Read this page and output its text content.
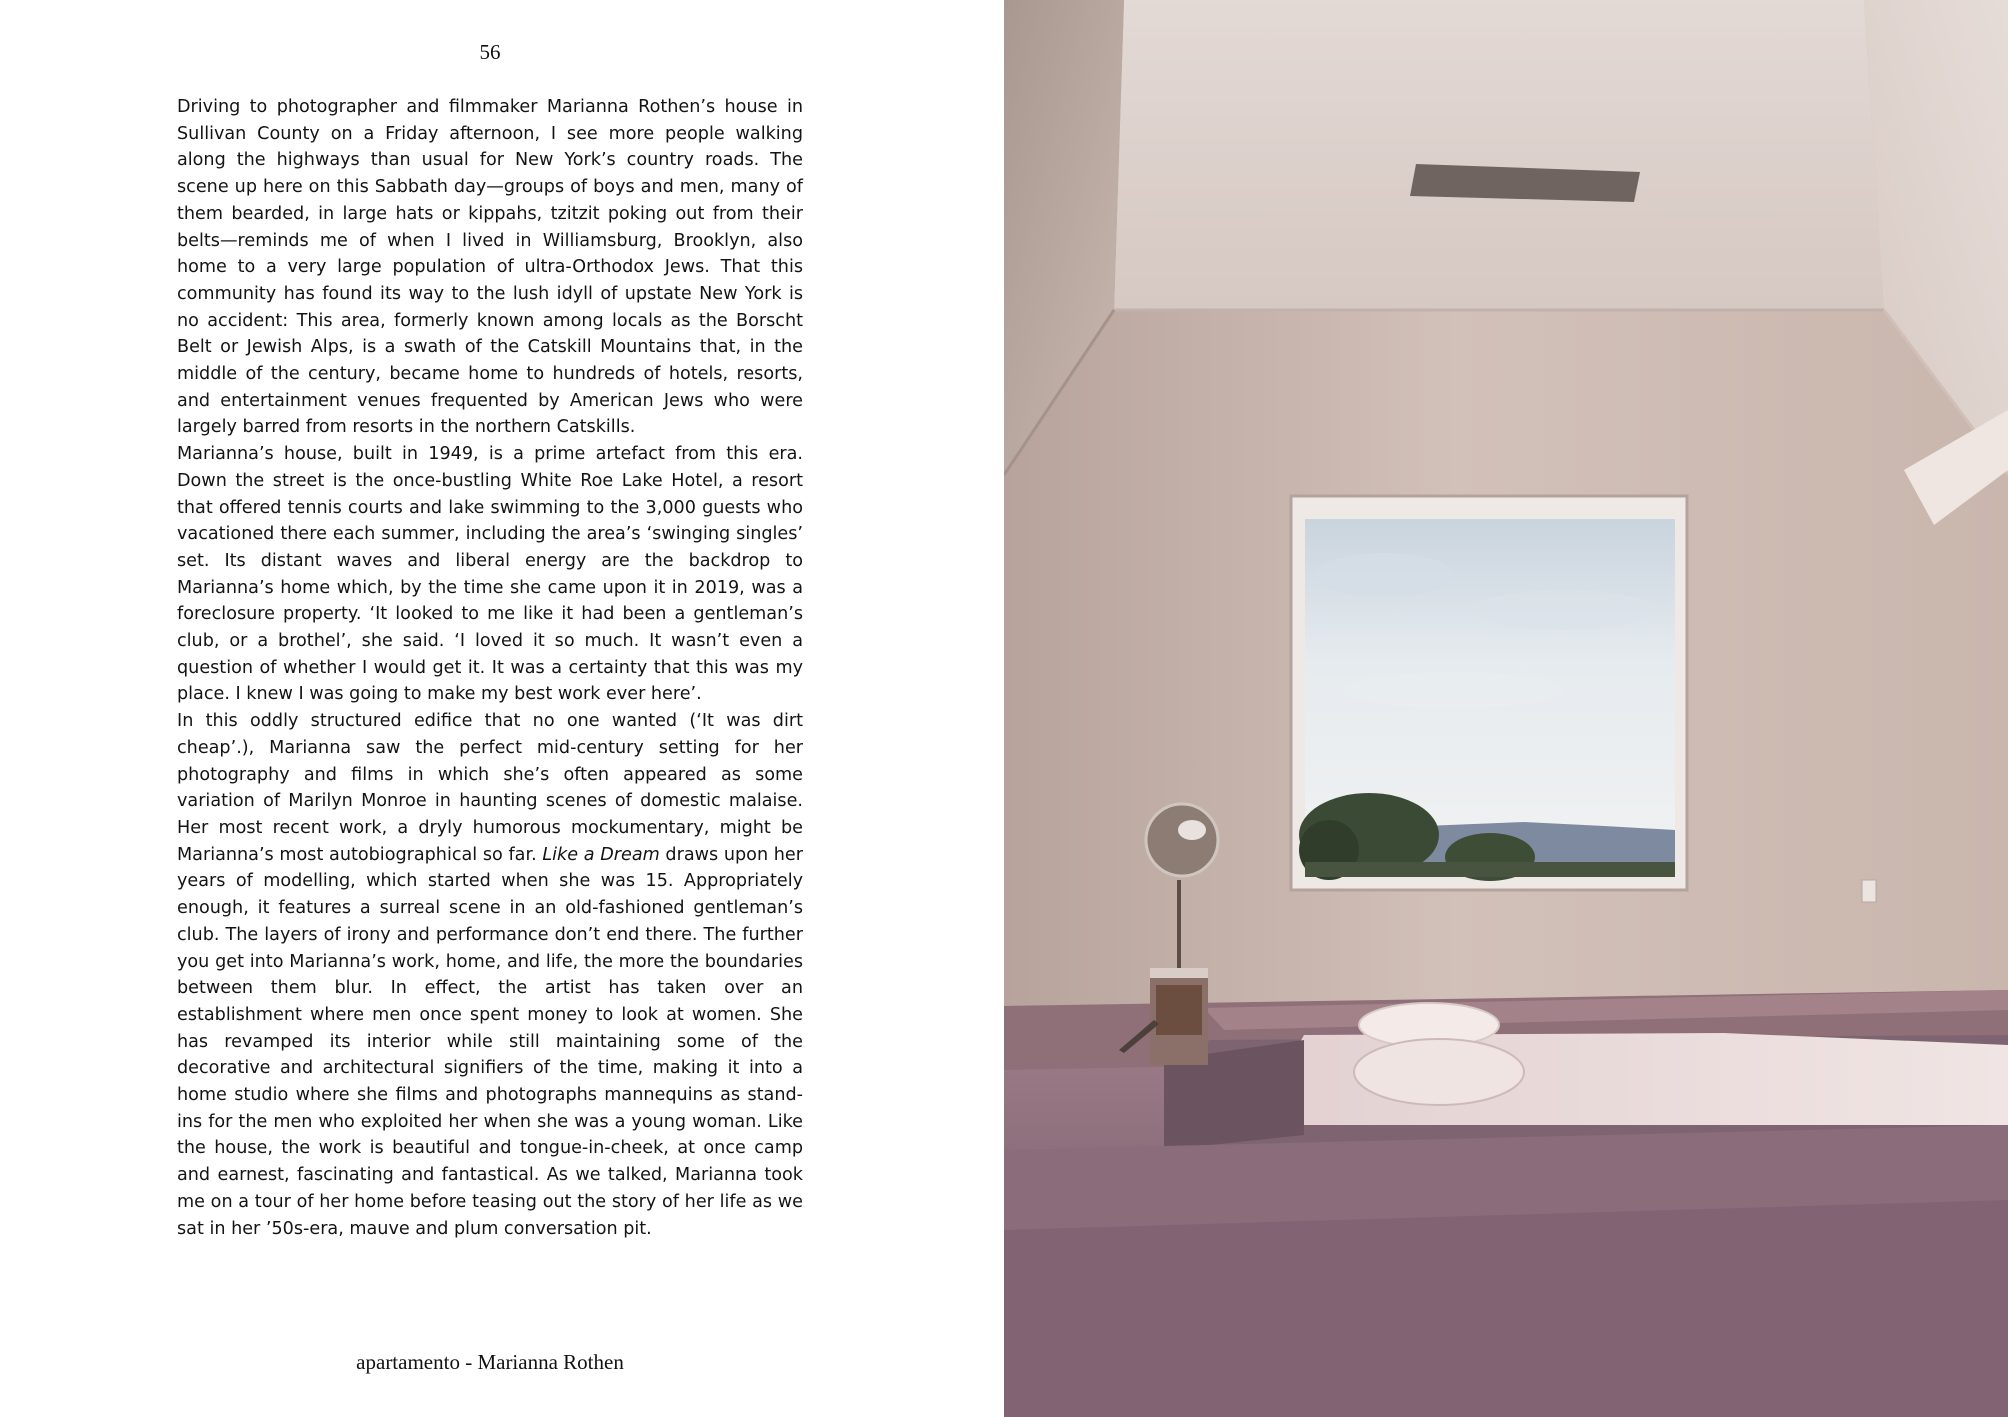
56

Driving to photographer and filmmaker Marianna Rothen’s house in Sullivan County on a Friday afternoon, I see more people walking along the highways than usual for New York’s country roads. The scene up here on this Sabbath day—groups of boys and men, many of them bearded, in large hats or kippahs, tzitzit poking out from their belts—reminds me of when I lived in Williamsburg, Brooklyn, also home to a very large population of ultra-Orthodox Jews. That this community has found its way to the lush idyll of upstate New York is no accident: This area, formerly known among locals as the Borscht Belt or Jewish Alps, is a swath of the Catskill Mountains that, in the middle of the century, became home to hundreds of hotels, resorts, and entertainment venues frequented by American Jews who were largely barred from resorts in the northern Catskills.

Marianna’s house, built in 1949, is a prime artefact from this era. Down the street is the once-bustling White Roe Lake Hotel, a resort that offered tennis courts and lake swimming to the 3,000 guests who vacationed there each summer, including the area’s ‘swinging singles’ set. Its distant waves and liberal energy are the backdrop to Marianna’s home which, by the time she came upon it in 2019, was a foreclosure property. ‘It looked to me like it had been a gentleman’s club, or a brothel’, she said. ‘I loved it so much. It wasn’t even a question of whether I would get it. It was a certainty that this was my place. I knew I was going to make my best work ever here’.

In this oddly structured edifice that no one wanted (‘It was dirt cheap’.), Marianna saw the perfect mid-century setting for her photography and films in which she’s often appeared as some variation of Marilyn Monroe in haunting scenes of domestic malaise. Her most recent work, a dryly humorous mockumentary, might be Marianna’s most autobiographical so far. Like a Dream draws upon her years of modelling, which started when she was 15. Appropriately enough, it features a surreal scene in an old-fashioned gentleman’s club. The layers of irony and performance don’t end there. The further you get into Marianna’s work, home, and life, the more the boundaries between them blur. In effect, the artist has taken over an establishment where men once spent money to look at women. She has revamped its interior while still maintaining some of the decorative and architectural signifiers of the time, making it into a home studio where she films and photographs mannequins as stand-ins for the men who exploited her when she was a young woman. Like the house, the work is beautiful and tongue-in-cheek, at once camp and earnest, fascinating and fantastical. As we talked, Marianna took me on a tour of her home before teasing out the story of her life as we sat in her ’50s-era, mauve and plum conversation pit.

apartamento - Marianna Rothen
